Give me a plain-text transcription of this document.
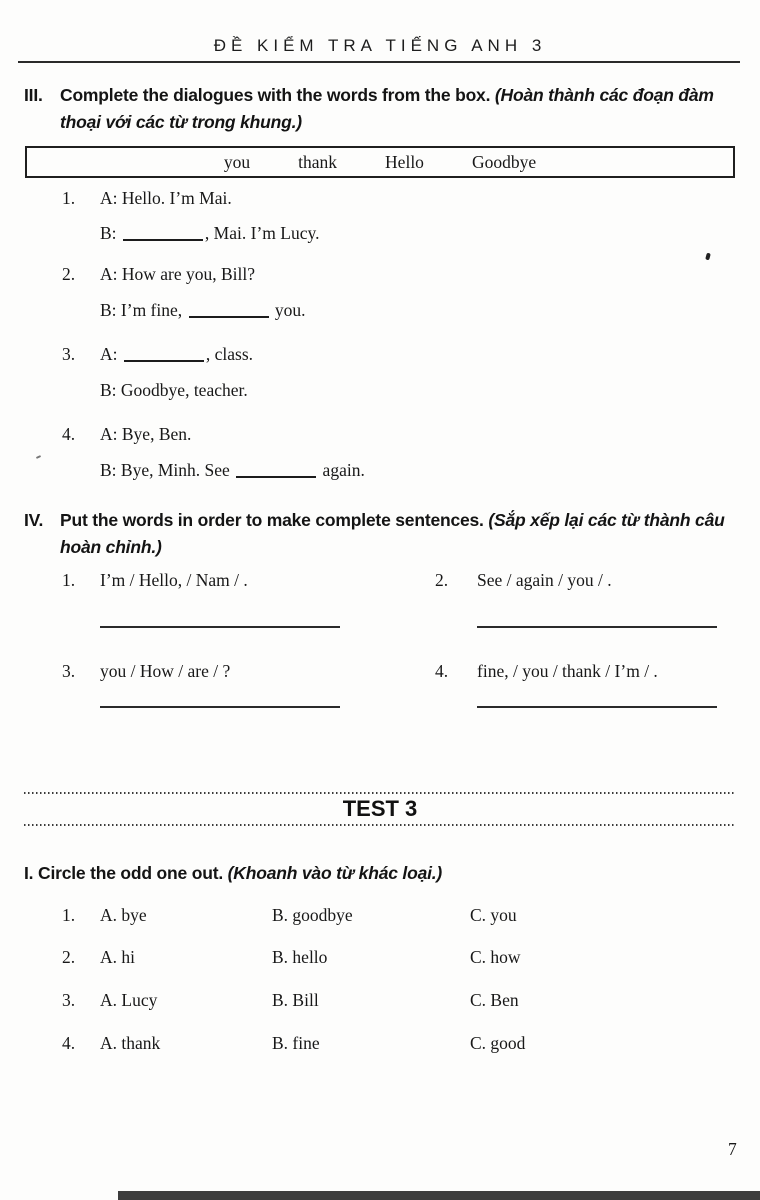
ĐỀ KIỂM TRA TIẾNG ANH 3
III. Complete the dialogues with the words from the box. (Hoàn thành các đoạn đàm thoại với các từ trong khung.)
you	thank	Hello	Goodbye
1. A: Hello. I’m Mai.
B:	, Mai. I’m Lucy.
2. A: How are you, Bill?
B: I’m fine,	you.
3. A:	, class.
B: Goodbye, teacher.
4. A: Bye, Ben.
B: Bye, Minh. See	again.
IV. Put the words in order to make complete sentences. (Sắp xếp lại các từ thành câu hoàn chỉnh.)
1. I’m / Hello, / Nam / .	2. See / again / you / .
3. you / How / are / ?	4. fine, / you / thank / I’m / .
TEST 3
I. Circle the odd one out. (Khoanh vào từ khác loại.)
1. A. bye	B. goodbye	C. you
2. A. hi	B. hello	C. how
3. A. Lucy	B. Bill	C. Ben
4. A. thank	B. fine	C. good
7
